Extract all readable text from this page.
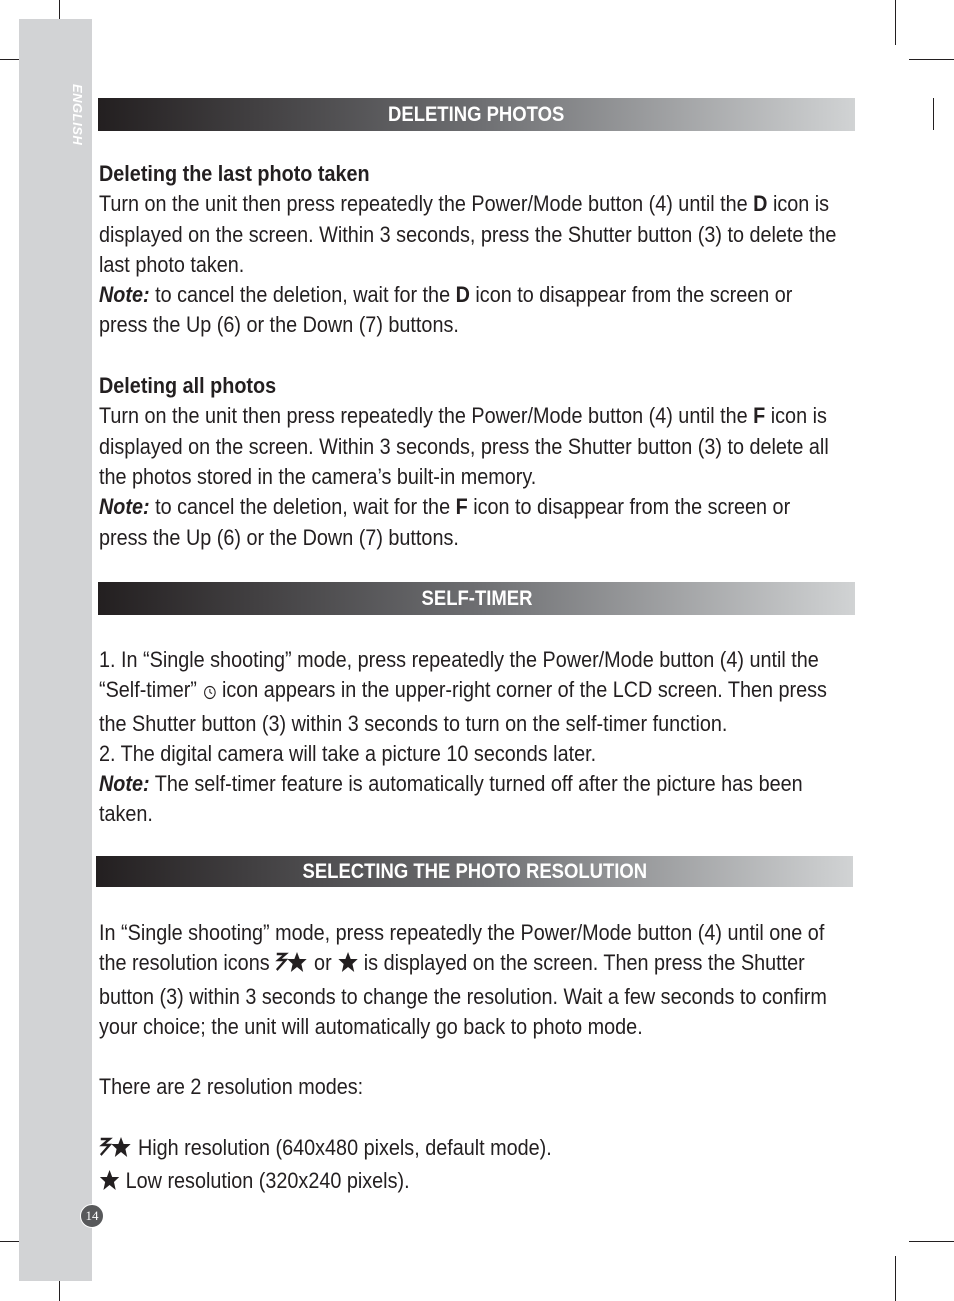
ENGLISH	DELETING PHOTOS
SELF-TIMER
SELECTING THE PHOTO RESOLUTION

Deleting the last photo taken

Turn on the unit then press repeatedly the Power/Mode button (4) until the D icon is

displayed on the screen. Within 3 seconds, press the Shutter button (3) to delete the

last photo taken.

Note: to cancel the deletion, wait for the D icon to disappear from the screen or

press the Up (6) or the Down (7) buttons.

Deleting all photos

Turn on the unit then press repeatedly the Power/Mode button (4) until the F icon is

displayed on the screen. Within 3 seconds, press the Shutter button (3) to delete all

the photos stored in the camera’s built-in memory.

Note: to cancel the deletion, wait for the F icon to disappear from the screen or

press the Up (6) or the Down (7) buttons.

1. In “Single shooting” mode, press repeatedly the Power/Mode button (4) until the

“Self-timer”  icon appears in the upper-right corner of the LCD screen. Then press

the Shutter button (3) within 3 seconds to turn on the self-timer function.

2. The digital camera will take a picture 10 seconds later.

Note: The self-timer feature is automatically turned off after the picture has been

taken.

In “Single shooting” mode, press repeatedly the Power/Mode button (4) until one of

the resolution icons  or  is displayed on the screen. Then press the Shutter

button (3) within 3 seconds to change the resolution. Wait a few seconds to confirm

your choice; the unit will automatically go back to photo mode.

There are 2 resolution modes:

High resolution (640x480 pixels, default mode).

Low resolution (320x240 pixels).

14
